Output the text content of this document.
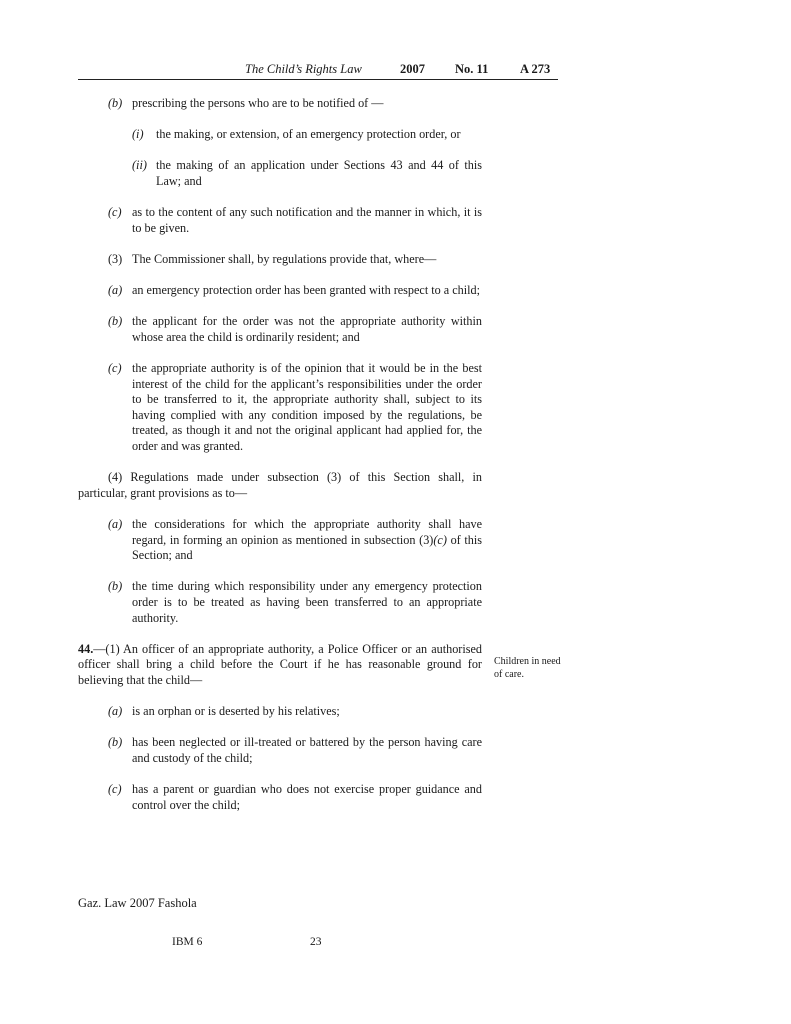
The Child’s Rights Law	2007 No. 11	A 273

(b) prescribing the persons who are to be notified of —

(i) the making, or extension, of an emergency protection order, or

(ii) the making of an application under Sections 43 and 44 of this Law; and

(c) as to the content of any such notification and the manner in which, it is to be given.

(3) The Commissioner shall, by regulations provide that, where—

(a) an emergency protection order has been granted with respect to a child;

(b) the applicant for the order was not the appropriate authority within whose area the child is ordinarily resident; and

(c) the appropriate authority is of the opinion that it would be in the best interest of the child for the applicant’s responsibilities under the order to be transferred to it, the appropriate authority shall, subject to its having complied with any condition imposed by the regulations, be treated, as though it and not the original applicant had applied for, the order and was granted.

(4) Regulations made under subsection (3) of this Section shall, in particular, grant provisions as to—

(a) the considerations for which the appropriate authority shall have regard, in forming an opinion as mentioned in subsection (3)(c) of this Section; and

(b) the time during which responsibility under any emergency protection order is to be treated as having been transferred to an appropriate authority.

44.—(1) An officer of an appropriate authority, a Police Officer or an authorised officer shall bring a child before the Court if he has reasonable ground for believing that the child—

(a) is an orphan or is deserted by his relatives;

(b) has been neglected or ill-treated or battered by the person having care and custody of the child;

(c) has a parent or guardian who does not exercise proper guidance and control over the child;

Children in need of care.
Gaz. Law 2007 Fashola
IBM 6	23
